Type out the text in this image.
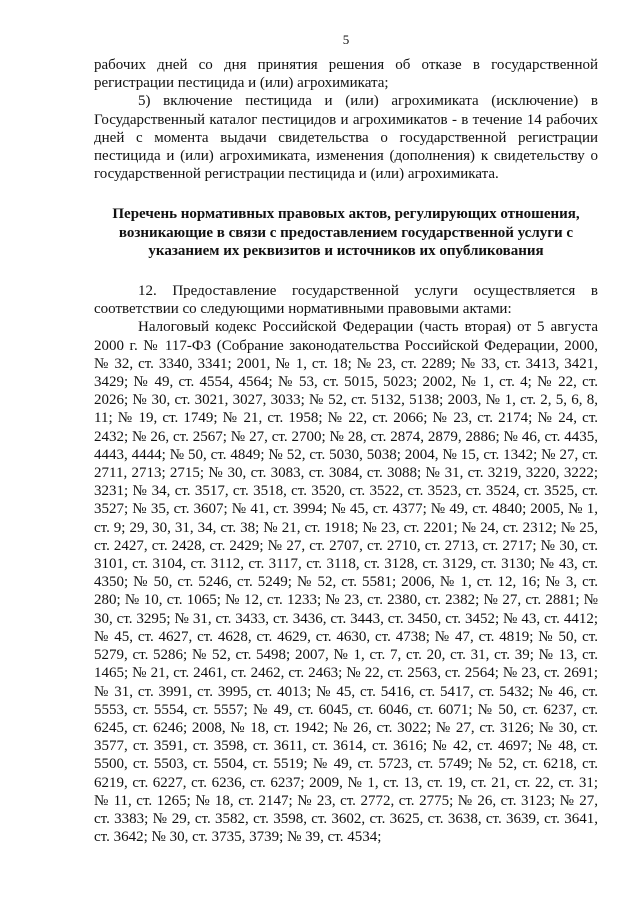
5

рабочих дней со дня принятия решения об отказе в государственной регистрации пестицида и (или) агрохимиката;

5) включение пестицида и (или) агрохимиката (исключение) в Государственный каталог пестицидов и агрохимикатов - в течение 14 рабочих дней с момента выдачи свидетельства о государственной регистрации пестицида и (или) агрохимиката, изменения (дополнения) к свидетельству о государственной регистрации пестицида и (или) агрохимиката.

Перечень нормативных правовых актов, регулирующих отношения, возникающие в связи с предоставлением государственной услуги с указанием их реквизитов и источников их опубликования

12. Предоставление государственной услуги осуществляется в соответствии со следующими нормативными правовыми актами:

Налоговый кодекс Российской Федерации (часть вторая) от 5 августа 2000 г. № 117-ФЗ (Собрание законодательства Российской Федерации, 2000, № 32, ст. 3340, 3341; 2001, № 1, ст. 18; № 23, ст. 2289; № 33, ст. 3413, 3421, 3429; № 49, ст. 4554, 4564; № 53, ст. 5015, 5023; 2002, № 1, ст. 4; № 22, ст. 2026; № 30, ст. 3021, 3027, 3033; № 52, ст. 5132, 5138; 2003, № 1, ст. 2, 5, 6, 8, 11; № 19, ст. 1749; № 21, ст. 1958; № 22, ст. 2066; № 23, ст. 2174; № 24, ст. 2432; № 26, ст. 2567; № 27, ст. 2700; № 28, ст. 2874, 2879, 2886; № 46, ст. 4435, 4443, 4444; № 50, ст. 4849; № 52, ст. 5030, 5038; 2004, № 15, ст. 1342; № 27, ст. 2711, 2713; 2715; № 30, ст. 3083, ст. 3084, ст. 3088; № 31, ст. 3219, 3220, 3222; 3231; № 34, ст. 3517, ст. 3518, ст. 3520, ст. 3522, ст. 3523, ст. 3524, ст. 3525, ст. 3527; № 35, ст. 3607; № 41, ст. 3994; № 45, ст. 4377; № 49, ст. 4840; 2005, № 1, ст. 9; 29, 30, 31, 34, ст. 38; № 21, ст. 1918; № 23, ст. 2201; № 24, ст. 2312; № 25, ст. 2427, ст. 2428, ст. 2429; № 27, ст. 2707, ст. 2710, ст. 2713, ст. 2717; № 30, ст. 3101, ст. 3104, ст. 3112, ст. 3117, ст. 3118, ст. 3128, ст. 3129, ст. 3130; № 43, ст. 4350; № 50, ст. 5246, ст. 5249; № 52, ст. 5581; 2006, № 1, ст. 12, 16; № 3, ст. 280; № 10, ст. 1065; № 12, ст. 1233; № 23, ст. 2380, ст. 2382; № 27, ст. 2881; № 30, ст. 3295; № 31, ст. 3433, ст. 3436, ст. 3443, ст. 3450, ст. 3452; № 43, ст. 4412; № 45, ст. 4627, ст. 4628, ст. 4629, ст. 4630, ст. 4738; № 47, ст. 4819; № 50, ст. 5279, ст. 5286; № 52, ст. 5498; 2007, № 1, ст. 7, ст. 20, ст. 31, ст. 39; № 13, ст. 1465; № 21, ст. 2461, ст. 2462, ст. 2463; № 22, ст. 2563, ст. 2564; № 23, ст. 2691; № 31, ст. 3991, ст. 3995, ст. 4013; № 45, ст. 5416, ст. 5417, ст. 5432; № 46, ст. 5553, ст. 5554, ст. 5557; № 49, ст. 6045, ст. 6046, ст. 6071; № 50, ст. 6237, ст. 6245, ст. 6246; 2008, № 18, ст. 1942; № 26, ст. 3022; № 27, ст. 3126; № 30, ст. 3577, ст. 3591, ст. 3598, ст. 3611, ст. 3614, ст. 3616; № 42, ст. 4697; № 48, ст. 5500, ст. 5503, ст. 5504, ст. 5519; № 49, ст. 5723, ст. 5749; № 52, ст. 6218, ст. 6219, ст. 6227, ст. 6236, ст. 6237; 2009, № 1, ст. 13, ст. 19, ст. 21, ст. 22, ст. 31; № 11, ст. 1265; № 18, ст. 2147; № 23, ст. 2772, ст. 2775; № 26, ст. 3123; № 27, ст. 3383; № 29, ст. 3582, ст. 3598, ст. 3602, ст. 3625, ст. 3638, ст. 3639, ст. 3641, ст. 3642; № 30, ст. 3735, 3739; № 39, ст. 4534;
